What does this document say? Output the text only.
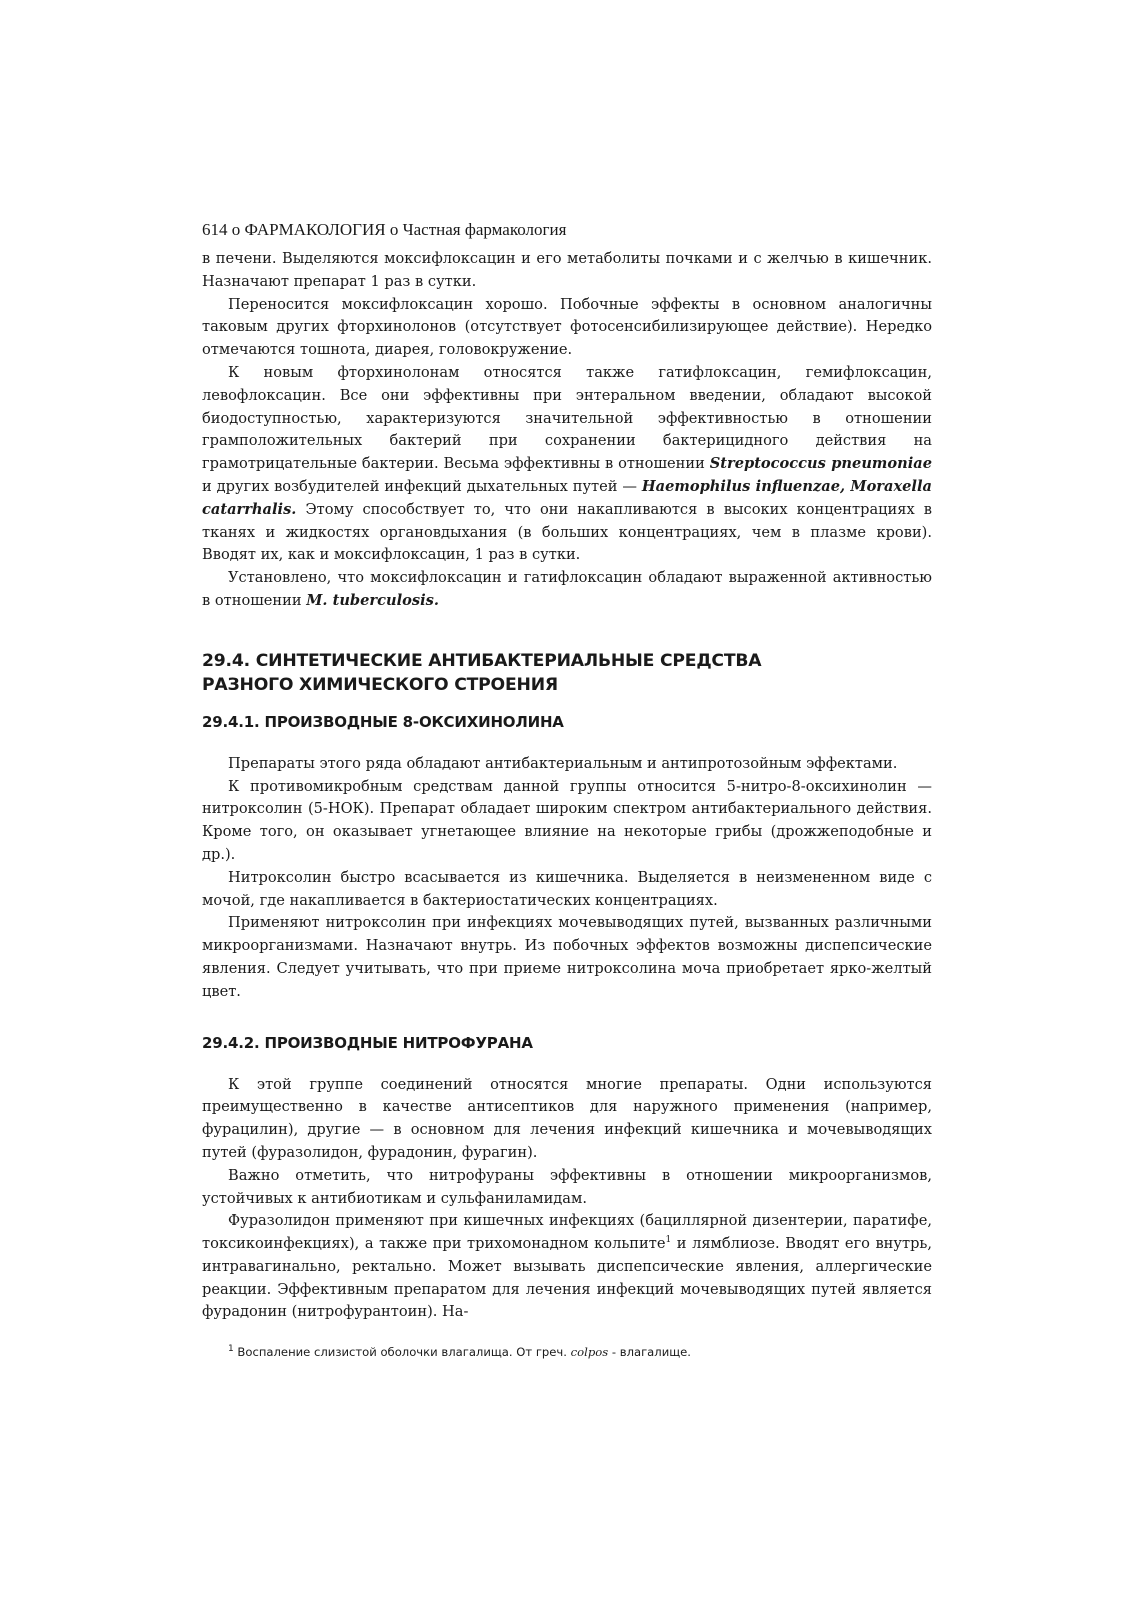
614 o ФАРМАКОЛОГИЯ o Частная фармакология

в печени. Выделяются моксифлоксацин и его метаболиты почками и с желчью в кишечник. Назначают препарат 1 раз в сутки.

Переносится моксифлоксацин хорошо. Побочные эффекты в основном аналогичны таковым других фторхинолонов (отсутствует фотосенсибилизирующее действие). Нередко отмечаются тошнота, диарея, головокружение.

К новым фторхинолонам относятся также гатифлоксацин, гемифлоксацин, левофлоксацин. Все они эффективны при энтеральном введении, обладают высокой биодоступностью, характеризуются значительной эффективностью в отношении грамположительных бактерий при сохранении бактерицидного действия на грамотрицательные бактерии. Весьма эффективны в отношении Streptococcus pneumoniae и других возбудителей инфекций дыхательных путей — Haemophilus influenzae, Moraxella catarrhalis. Этому способствует то, что они накапливаются в высоких концентрациях в тканях и жидкостях органовдыхания (в больших концентрациях, чем в плазме крови). Вводят их, как и моксифлоксацин, 1 раз в сутки.

Установлено, что моксифлоксацин и гатифлоксацин обладают выраженной активностью в отношении M. tuberculosis.

29.4. СИНТЕТИЧЕСКИЕ АНТИБАКТЕРИАЛЬНЫЕ СРЕДСТВА
РАЗНОГО ХИМИЧЕСКОГО СТРОЕНИЯ
29.4.1. ПРОИЗВОДНЫЕ 8-ОКСИХИНОЛИНА

Препараты этого ряда обладают антибактериальным и антипротозойным эффектами.

К противомикробным средствам данной группы относится 5-нитро-8-оксихинолин — нитроксолин (5-НОК). Препарат обладает широким спектром антибактериального действия. Кроме того, он оказывает угнетающее влияние на некоторые грибы (дрожжеподобные и др.).

Нитроксолин быстро всасывается из кишечника. Выделяется в неизмененном виде с мочой, где накапливается в бактериостатических концентрациях.

Применяют нитроксолин при инфекциях мочевыводящих путей, вызванных различными микроорганизмами. Назначают внутрь. Из побочных эффектов возможны диспепсические явления. Следует учитывать, что при приеме нитроксолина моча приобретает ярко-желтый цвет.

29.4.2. ПРОИЗВОДНЫЕ НИТРОФУРАНА

К этой группе соединений относятся многие препараты. Одни используются преимущественно в качестве антисептиков для наружного применения (например, фурацилин), другие — в основном для лечения инфекций кишечника и мочевыводящих путей (фуразолидон, фурадонин, фурагин).

Важно отметить, что нитрофураны эффективны в отношении микроорганизмов, устойчивых к антибиотикам и сульфаниламидам.

Фуразолидон применяют при кишечных инфекциях (бациллярной дизентерии, паратифе, токсикоинфекциях), а также при трихомонадном кольпите$^1$ и лямблиозе. Вводят его внутрь, интравагинально, ректально. Может вызывать диспепсические явления, аллергические реакции. Эффективным препаратом для лечения инфекций мочевыводящих путей является фурадонин (нитрофурантоин). На-

$^1$ Воспаление слизистой оболочки влагалища. От греч. colpos - влагалище.
